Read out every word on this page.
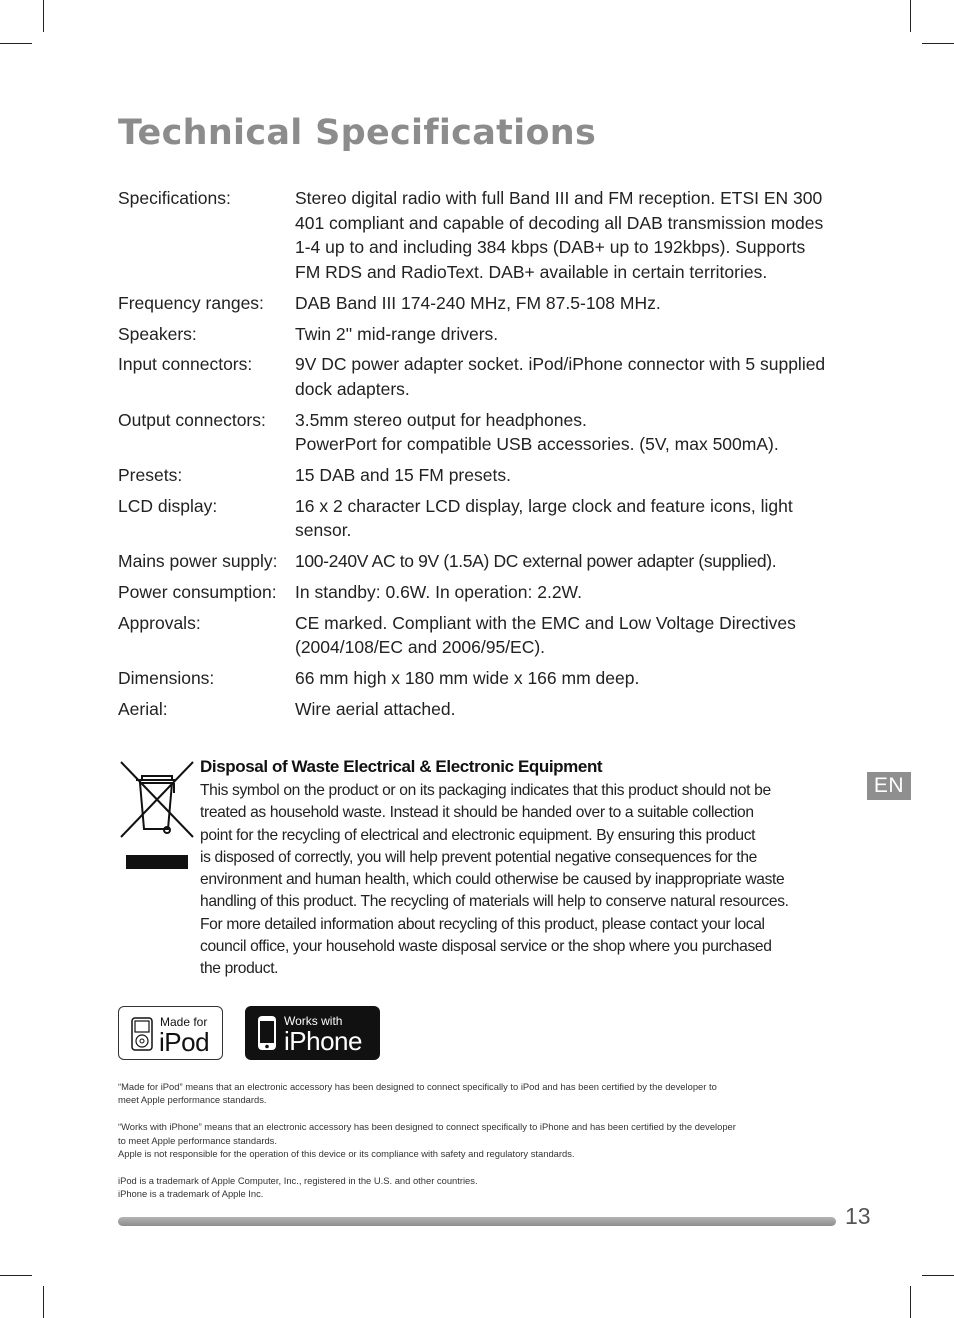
Technical Specifications
Specifications:	Stereo digital radio with full Band III and FM reception. ETSI EN 300
401 compliant and capable of decoding all DAB transmission modes
1-4 up to and including 384 kbps (DAB+ up to 192kbps). Supports
FM RDS and RadioText. DAB+ available in certain territories.
Frequency ranges:	DAB Band III 174-240 MHz, FM 87.5-108 MHz.
Speakers:	Twin 2'' mid-range drivers.
Input connectors:	9V DC power adapter socket. iPod/iPhone connector with 5 supplied
dock adapters.
Output connectors:	3.5mm stereo output for headphones.
PowerPort for compatible USB accessories. (5V, max 500mA).
Presets:	15 DAB and 15 FM presets.
LCD display:	16 x 2 character LCD display, large clock and feature icons, light
sensor.
Mains power supply: 100-240V AC to 9V (1.5A) DC external power adapter (supplied).
Power consumption:	In standby: 0.6W. In operation: 2.2W.
Approvals:	CE marked. Compliant with the EMC and Low Voltage Directives
(2004/108/EC and 2006/95/EC).
Dimensions:	66 mm high x 180 mm wide x 166 mm deep.
Aerial:	Wire aerial attached.
Disposal of Waste Electrical & Electronic Equipment
This symbol on the product or on its packaging indicates that this product should not be
treated as household waste. Instead it should be handed over to a suitable collection
point for the recycling of electrical and electronic equipment. By ensuring this product
is disposed of correctly, you will help prevent potential negative consequences for the
environment and human health, which could otherwise be caused by inappropriate waste
handling of this product. The recycling of materials will help to conserve natural resources.
For more detailed information about recycling of this product, please contact your local
council office, your household waste disposal service or the shop where you purchased
the product.
EN
Made for
iPod
Works with
iPhone

“Made for iPod” means that an electronic accessory has been designed to connect specifically to iPod and has been certified by the developer to
meet Apple performance standards.

“Works with iPhone” means that an electronic accessory has been designed to connect specifically to iPhone and has been certified by the developer
to meet Apple performance standards.
Apple is not responsible for the operation of this device or its compliance with safety and regulatory standards.

iPod is a trademark of Apple Computer, Inc., registered in the U.S. and other countries.
iPhone is a trademark of Apple Inc.

13
